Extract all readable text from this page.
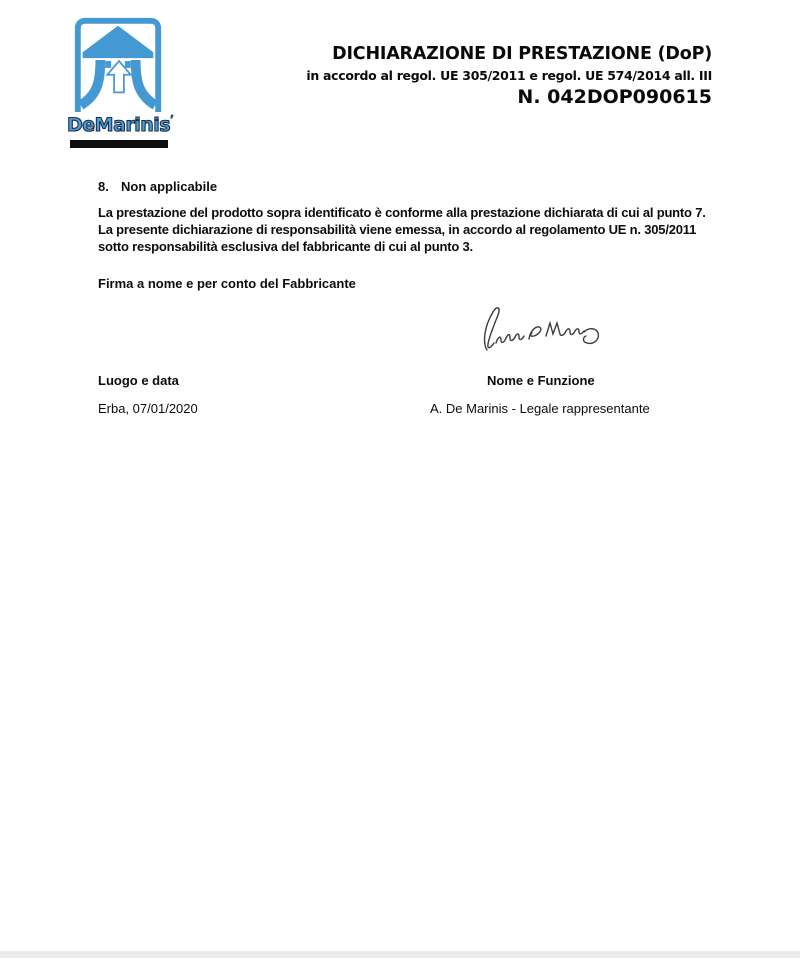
DeMarinis’
DICHIARAZIONE DI PRESTAZIONE (DoP)
in accordo al regol. UE 305/2011 e regol. UE 574/2014 all. III
N. 042DOP090615
8. Non applicabile
La prestazione del prodotto sopra identificato è conforme alla prestazione dichiarata di cui al punto 7.
La presente dichiarazione di responsabilità viene emessa, in accordo al regolamento UE n. 305/2011
sotto responsabilità esclusiva del fabbricante di cui al punto 3.
Firma a nome e per conto del Fabbricante
Luogo e data	Nome e Funzione
Erba, 07/01/2020	A. De Marinis - Legale rappresentante
